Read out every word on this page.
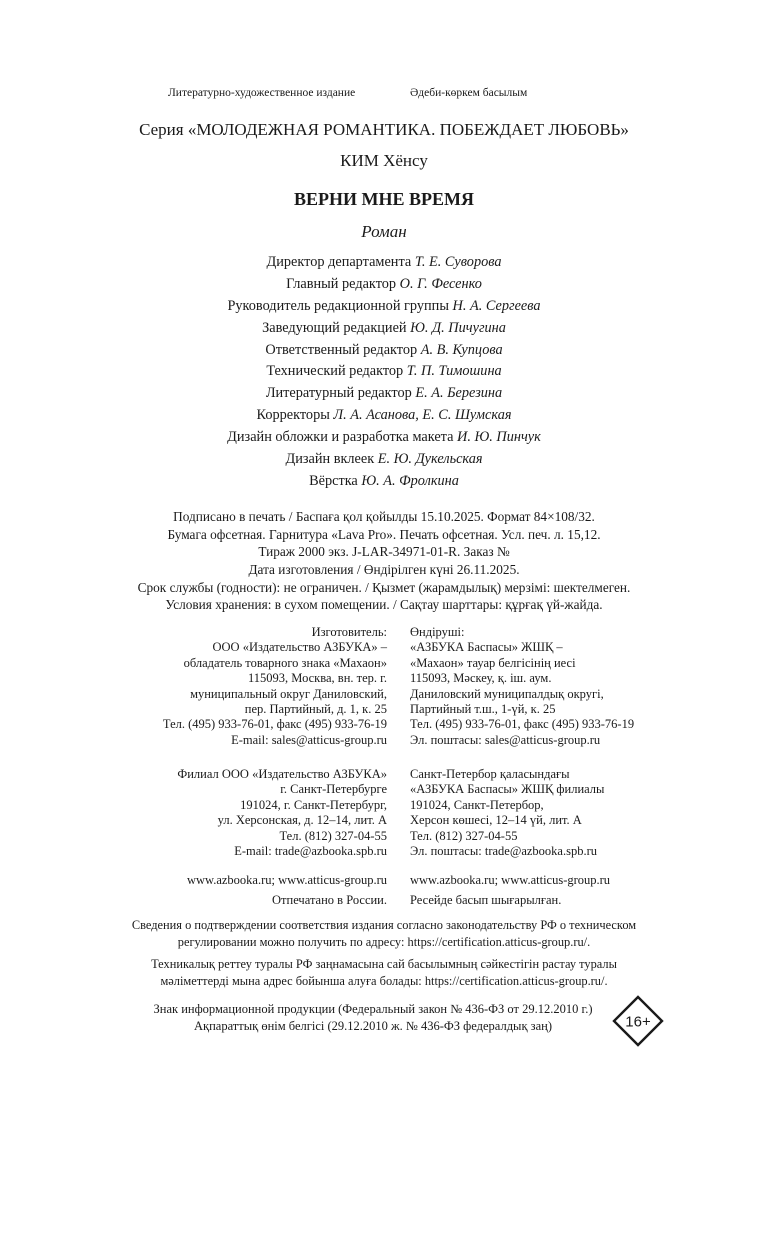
Литературно-художественное издание	Әдеби-көркем басылым
Серия «МОЛОДЕЖНАЯ РОМАНТИКА. ПОБЕЖДАЕТ ЛЮБОВЬ»
КИМ Хёнсу
ВЕРНИ МНЕ ВРЕМЯ
Роман
Директор департамента Т. Е. Суворова
Главный редактор О. Г. Фесенко
Руководитель редакционной группы Н. А. Сергеева
Заведующий редакцией Ю. Д. Пичугина
Ответственный редактор А. В. Купцова
Технический редактор Т. П. Тимошина
Литературный редактор Е. А. Березина
Корректоры Л. А. Асанова, Е. С. Шумская
Дизайн обложки и разработка макета И. Ю. Пинчук
Дизайн вклеек Е. Ю. Дукельская
Вёрстка Ю. А. Фролкина
Подписано в печать / Баспаға қол қойылды 15.10.2025. Формат 84×108/32.
Бумага офсетная. Гарнитура «Lava Pro». Печать офсетная. Усл. печ. л. 15,12.
Тираж 2000 экз. J-LAR-34971-01-R. Заказ №
Дата изготовления / Өндірілген күні 26.11.2025.
Срок службы (годности): не ограничен. / Қызмет (жарамдылық) мерзімі: шектелмеген.
Условия хранения: в сухом помещении. / Сақтау шарттары: құрғақ үй-жайда.
Изготовитель:
ООО «Издательство АЗБУКА» –
обладатель товарного знака «Махаон»
115093, Москва, вн. тер. г.
муниципальный округ Даниловский,
пер. Партийный, д. 1, к. 25
Тел. (495) 933-76-01, факс (495) 933-76-19
E-mail: sales@atticus-group.ru
Өндіруші:
«АЗБУКА Баспасы» ЖШҚ –
«Махаон» тауар белгісінің иесі
115093, Мәскеу, қ. іш. аум.
Даниловский муниципалдық округі,
Партийный т.ш., 1-үй, к. 25
Тел. (495) 933-76-01, факс (495) 933-76-19
Эл. поштасы: sales@atticus-group.ru
Филиал ООО «Издательство АЗБУКА»
г. Санкт-Петербурге
191024, г. Санкт-Петербург,
ул. Херсонская, д. 12–14, лит. А
Тел. (812) 327-04-55
E-mail: trade@azbooka.spb.ru
Санкт-Петербор қаласындағы
«АЗБУКА Баспасы» ЖШҚ филиалы
191024, Санкт-Петербор,
Херсон көшесі, 12–14 үй, лит. А
Тел. (812) 327-04-55
Эл. поштасы: trade@azbooka.spb.ru
www.azbooka.ru; www.atticus-group.ru www.azbooka.ru; www.atticus-group.ru
Отпечатано в России. Ресейде басып шығарылған.
Сведения о подтверждении соответствия издания согласно законодательству РФ о техническом
регулировании можно получить по адресу: https://certification.atticus-group.ru/.
Техникалық реттеу туралы РФ заңнамасына сай басылымның сәйкестігін растау туралы
мәліметтерді мына адрес бойынша алуға болады: https://certification.atticus-group.ru/.
Знак информационной продукции (Федеральный закон № 436-ФЗ от 29.12.2010 г.)
Ақпараттық өнім белгісі (29.12.2010 ж. № 436-ФЗ федералдық заң)	16+
